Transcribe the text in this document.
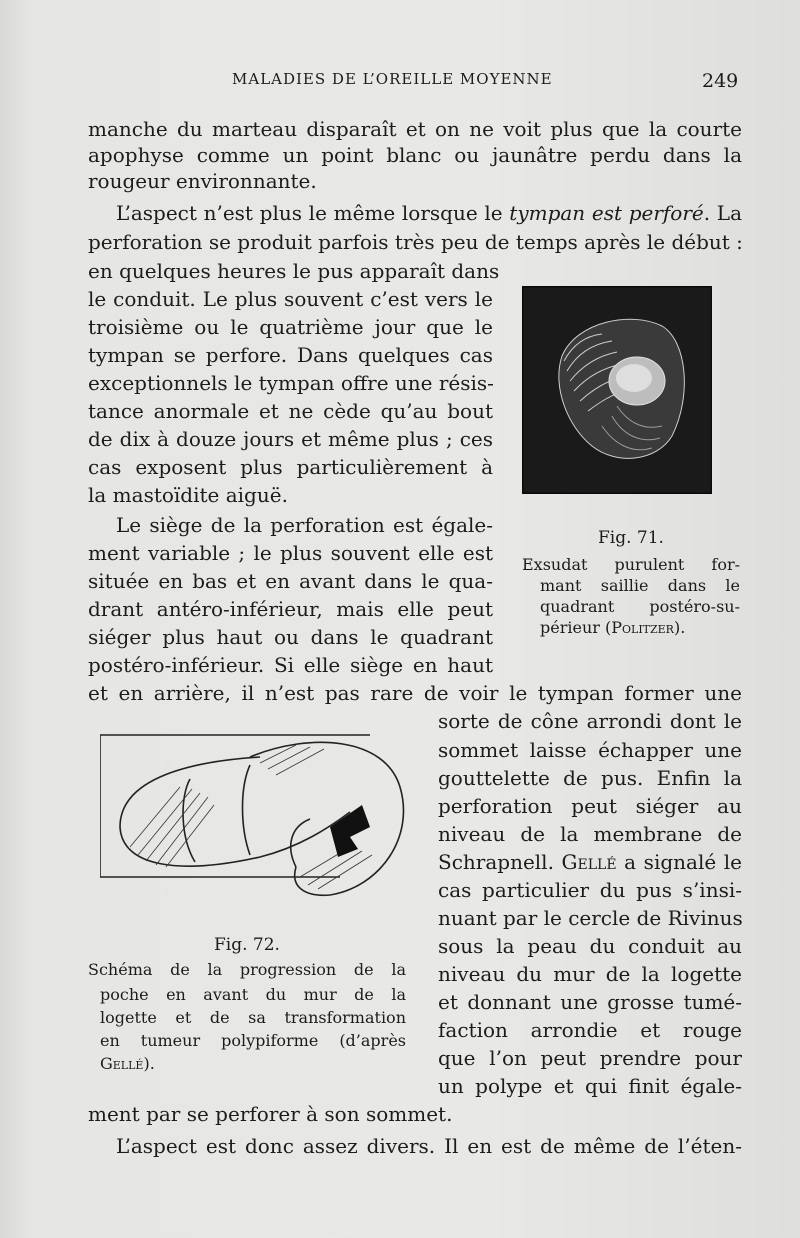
MALADIES DE L’OREILLE MOYENNE	249
manche du marteau disparaît et on ne voit plus que la courte
apophyse comme un point blanc ou jaunâtre perdu dans la
rougeur environnante.
L’aspect n’est plus le même lorsque le tympan est perforé. La
perforation se produit parfois très peu de temps après le début :
en quelques heures le pus apparaît dans
le conduit. Le plus souvent c’est vers le
troisième ou le quatrième jour que le
tympan se perfore. Dans quelques cas
exceptionnels le tympan offre une résis-
tance anormale et ne cède qu’au bout
de dix à douze jours et même plus ; ces
cas exposent plus particulièrement à
la mastoïdite aiguë.
Fig. 71.
Exsudat purulent for-
mant saillie dans le
quadrant postéro-su-
périeur (Politzer).
Le siège de la perforation est égale-
ment variable ; le plus souvent elle est
située en bas et en avant dans le qua-
drant antéro-inférieur, mais elle peut
siéger plus haut ou dans le quadrant
postéro-inférieur. Si elle siège en haut
et en arrière, il n’est pas rare de voir le tympan former une
sorte de cône arrondi dont le
sommet laisse échapper une
gouttelette de pus. Enfin la
perforation peut siéger au
niveau de la membrane de
Schrapnell. Gellé a signalé le
cas particulier du pus s’insi-
nuant par le cercle de Rivinus
sous la peau du conduit au
niveau du mur de la logette
et donnant une grosse tumé-
faction arrondie et rouge
que l’on peut prendre pour
un polype et qui finit égale-
ment par se perforer à son sommet.
Fig. 72.
Schéma de la progression de la
poche en avant du mur de la
logette et de sa transformation
en tumeur polypiforme (d’après
Gellé).
L’aspect est donc assez divers. Il en est de même de l’éten-
